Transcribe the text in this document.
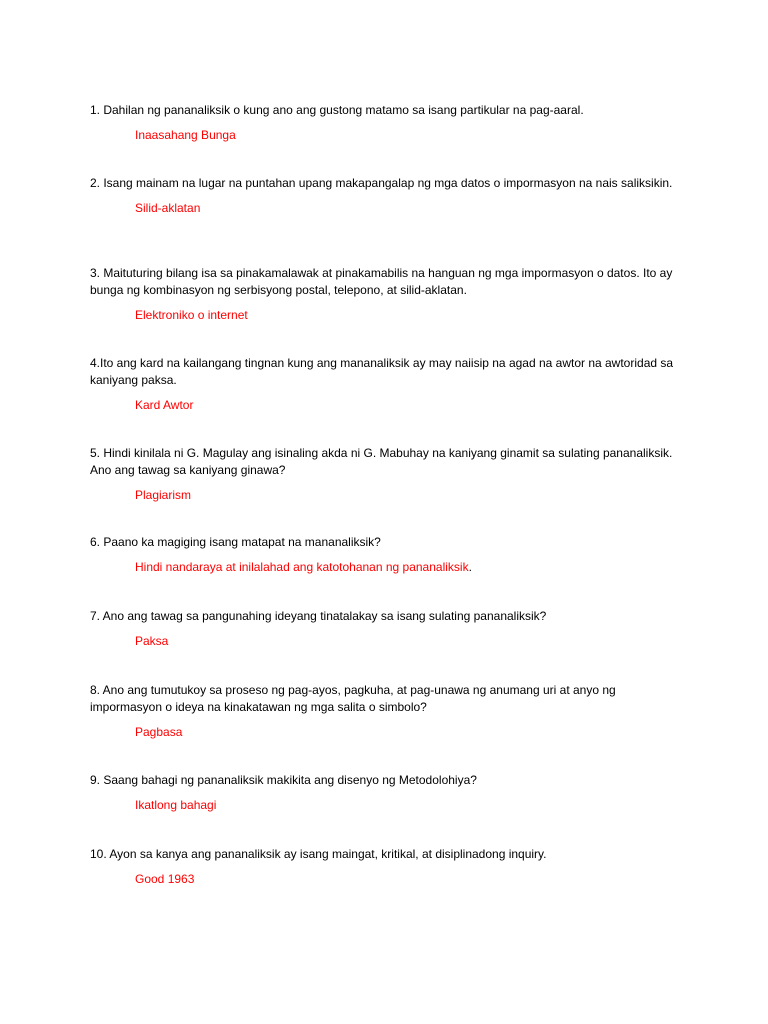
1. Dahilan ng pananaliksik o kung ano ang gustong matamo sa isang partikular na pag-aaral.

Inaasahang Bunga

2. Isang mainam na lugar na puntahan upang makapangalap ng mga datos o impormasyon na nais saliksikin.

Silid-aklatan

3. Maituturing bilang isa sa pinakamalawak at pinakamabilis na hanguan ng mga impormasyon o datos. Ito ay bunga ng kombinasyon ng serbisyong postal, telepono, at silid-aklatan.

Elektroniko o internet

4.Ito ang kard na kailangang tingnan kung ang mananaliksik ay may naiisip na agad na awtor na awtoridad sa kaniyang paksa.

Kard Awtor

5. Hindi kinilala ni G. Magulay ang isinaling akda ni G. Mabuhay na kaniyang ginamit sa sulating pananaliksik. Ano ang tawag sa kaniyang ginawa?

Plagiarism

6. Paano ka magiging isang matapat na mananaliksik?

Hindi nandaraya at inilalahad ang katotohanan ng pananaliksik.

7. Ano ang tawag sa pangunahing ideyang tinatalakay sa isang sulating pananaliksik?

Paksa

8. Ano ang tumutukoy sa proseso ng pag-ayos, pagkuha, at pag-unawa ng anumang uri at anyo ng impormasyon o ideya na kinakatawan ng mga salita o simbolo?

Pagbasa

9. Saang bahagi ng pananaliksik makikita ang disenyo ng Metodolohiya?

Ikatlong bahagi

10. Ayon sa kanya ang pananaliksik ay isang maingat, kritikal, at disiplinadong inquiry.

Good 1963
